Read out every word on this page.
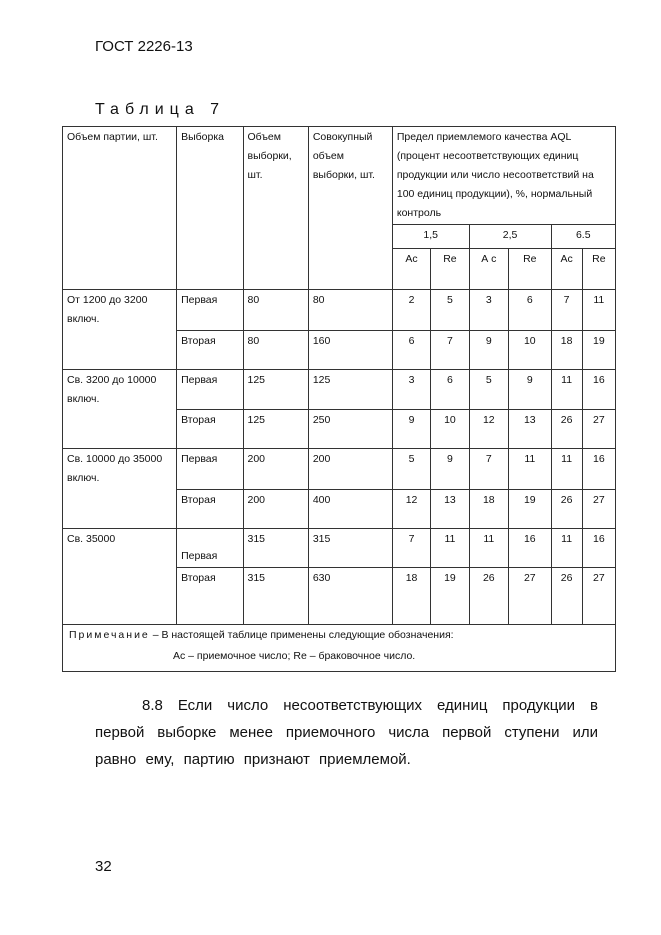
ГОСТ 2226-13
Таблица 7
Объем партии, шт.	Выборка	Объем выборки, шт.	Совокупный объем выборки, шт.	Предел приемлемого качества AQL (процент несоответствующих единиц продукции или число несоответствий на 100 единиц продукции), %, нормальный контроль					
				1,5		2,5		6.5	
				Ac	Re	А с	Re	Ac	Re
От 1200 до 3200 включ.	Первая	80	80	2	5	3	6	7	11
	Вторая	80	160	6	7	9	10	18	19
Св. 3200 до 10000 включ.	Первая	125	125	3	6	5	9	11	16
	Вторая	125	250	9	10	12	13	26	27
Св. 10000 до 35000 включ.	Первая	200	200	5	9	7	11	11	16
	Вторая	200	400	12	13	18	19	26	27
Св. 35000	Первая	315	315	7	11	11	16	11	16
	Вторая	315	630	18	19	26	27	26	27

Примечание – В настоящей таблице применены следующие обозначения:
Ac – приемочное число; Re – браковочное число.									
8.8 Если число несоответствующих единиц продукции в первой выборке менее приемочного числа первой ступени или равно ему, партию признают приемлемой.
32
